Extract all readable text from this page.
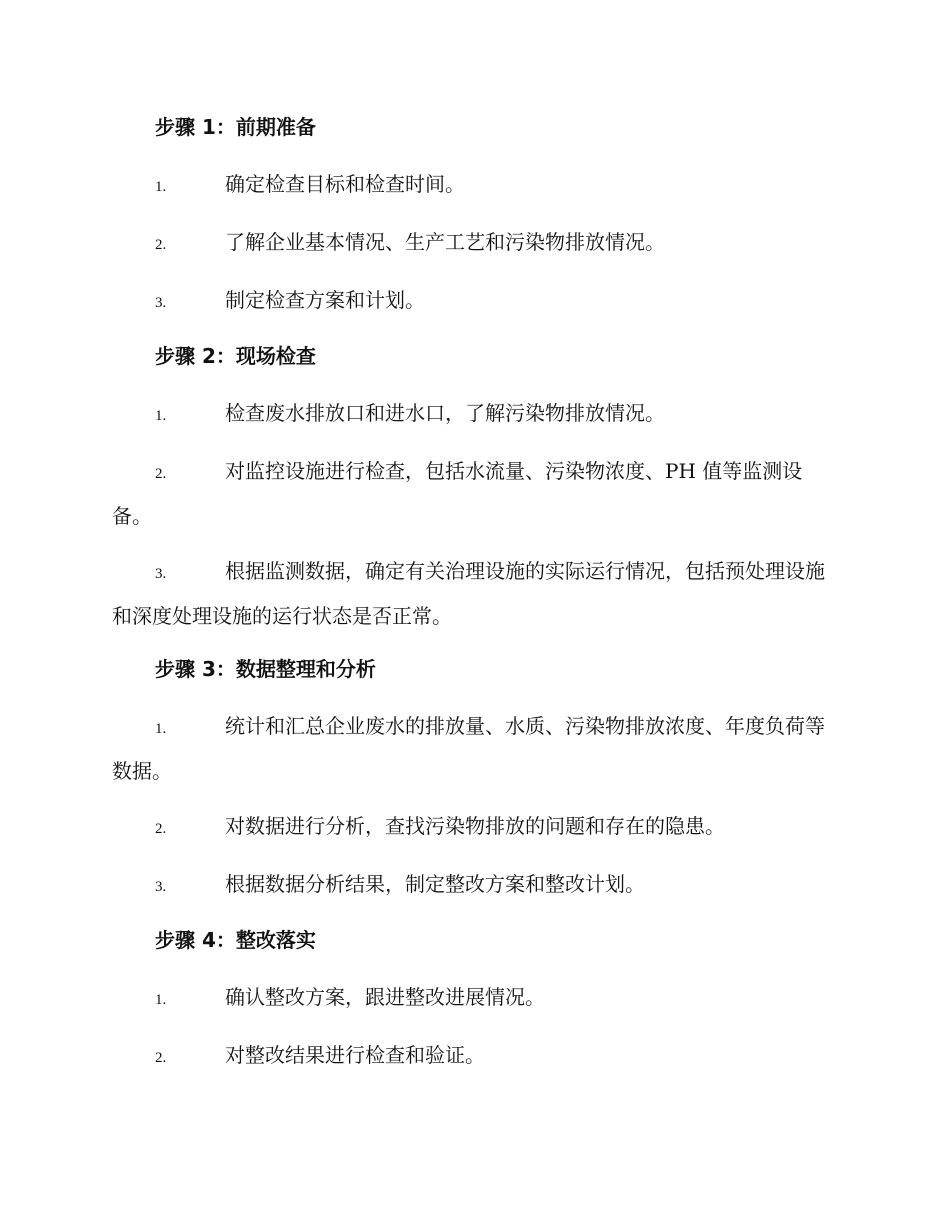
步骤 1：前期准备
1.	确定检查目标和检查时间。
2.	了解企业基本情况、生产工艺和污染物排放情况。
3.	制定检查方案和计划。
步骤 2：现场检查
1.	检查废水排放口和进水口，了解污染物排放情况。
2.	对监控设施进行检查，包括水流量、污染物浓度、PH 值等监测设备。
3.	根据监测数据，确定有关治理设施的实际运行情况，包括预处理设施和深度处理设施的运行状态是否正常。
步骤 3：数据整理和分析
1.	统计和汇总企业废水的排放量、水质、污染物排放浓度、年度负荷等数据。
2.	对数据进行分析，查找污染物排放的问题和存在的隐患。
3.	根据数据分析结果，制定整改方案和整改计划。
步骤 4：整改落实
1.	确认整改方案，跟进整改进展情况。
2.	对整改结果进行检查和验证。
